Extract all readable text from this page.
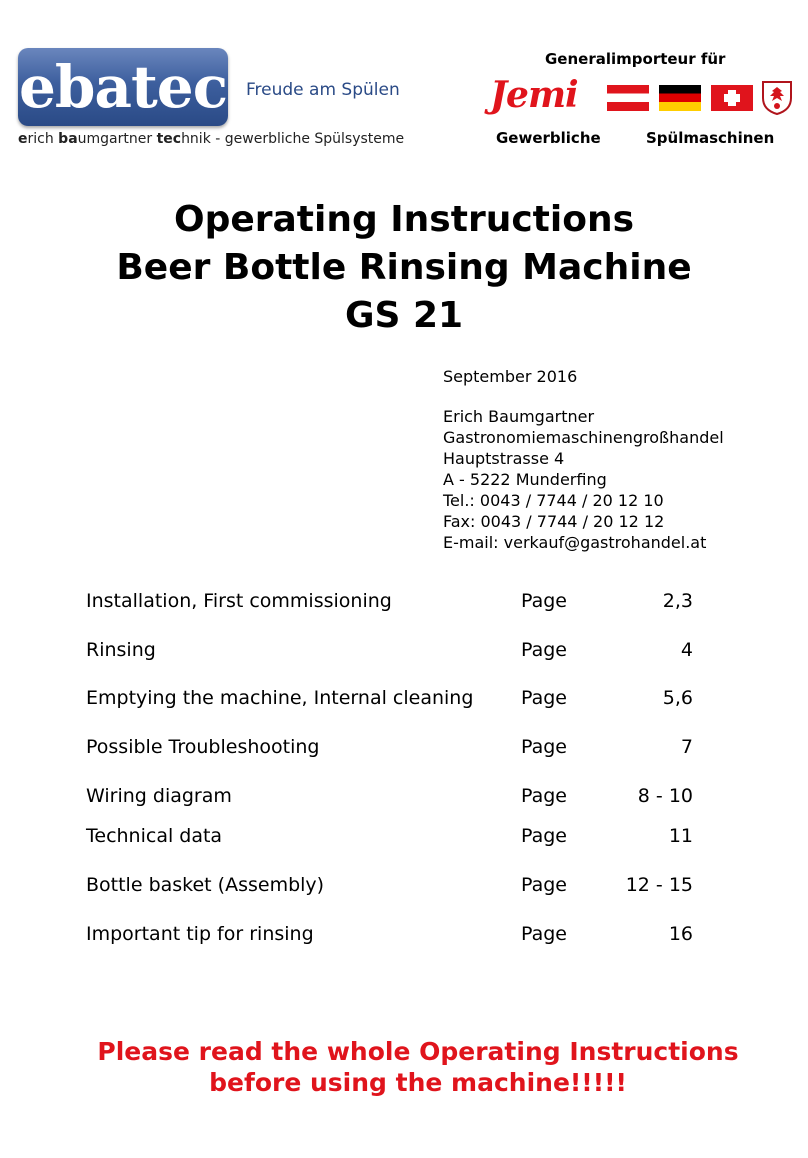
ebatec Freude am Spülen
erich baumgartner technik - gewerbliche Spülsysteme
Generalimporteur für
Jemi
Gewerbliche	Spülmaschinen
Operating Instructions
Beer Bottle Rinsing Machine
GS 21
September 2016
Erich Baumgartner
Gastronomiemaschinengroßhandel
Hauptstrasse 4
A - 5222 Munderfing
Tel.: 0043 / 7744 / 20 12 10
Fax: 0043 / 7744 / 20 12 12
E-mail: verkauf@gastrohandel.at
Installation, First commissioning	Page	2,3
Rinsing	Page	4
Emptying the machine, Internal cleaning	Page	5,6
Possible Troubleshooting	Page	7
Wiring diagram	Page	8 - 10
Technical data	Page	11
Bottle basket (Assembly)	Page	12 - 15
Important tip for rinsing	Page	16
Please read the whole Operating Instructions
before using the machine!!!!!
